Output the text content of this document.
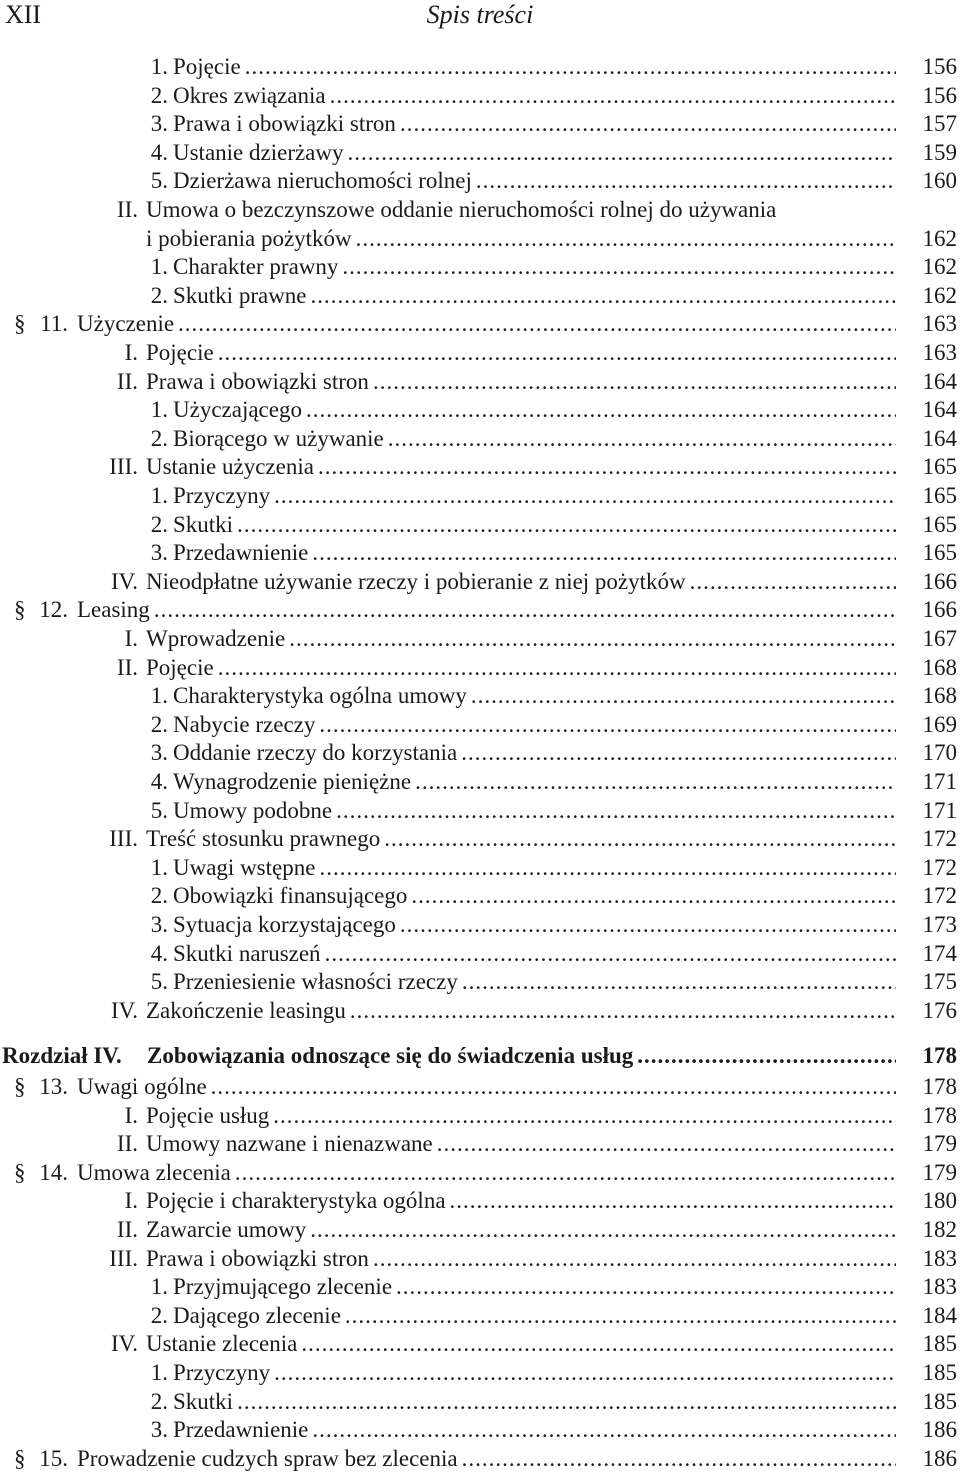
XII	Spis treści
1. Pojęcie .....	156
2. Okres związania .....	156
3. Prawa i obowiązki stron .....	157
4. Ustanie dzierżawy .....	159
5. Dzierżawa nieruchomości rolnej .....	160
II. Umowa o bezczynszowe oddanie nieruchomości rolnej do używania
i pobierania pożytków .....	162
1. Charakter prawny .....	162
2. Skutki prawne .....	162
§ 11. Użyczenie .....	163
I. Pojęcie .....	163
II. Prawa i obowiązki stron .....	164
1. Użyczającego .....	164
2. Biorącego w używanie .....	164
III. Ustanie użyczenia .....	165
1. Przyczyny .....	165
2. Skutki .....	165
3. Przedawnienie .....	165
IV. Nieodpłatne używanie rzeczy i pobieranie z niej pożytków .....	166
§ 12. Leasing .....	166
I. Wprowadzenie .....	167
II. Pojęcie .....	168
1. Charakterystyka ogólna umowy .....	168
2. Nabycie rzeczy .....	169
3. Oddanie rzeczy do korzystania .....	170
4. Wynagrodzenie pieniężne .....	171
5. Umowy podobne .....	171
III. Treść stosunku prawnego .....	172
1. Uwagi wstępne .....	172
2. Obowiązki finansującego .....	172
3. Sytuacja korzystającego .....	173
4. Skutki naruszeń .....	174
5. Przeniesienie własności rzeczy .....	175
IV. Zakończenie leasingu .....	176
Rozdział IV. Zobowiązania odnoszące się do świadczenia usług .....	178
§ 13. Uwagi ogólne .....	178
I. Pojęcie usług .....	178
II. Umowy nazwane i nienazwane .....	179
§ 14. Umowa zlecenia .....	179
I. Pojęcie i charakterystyka ogólna .....	180
II. Zawarcie umowy .....	182
III. Prawa i obowiązki stron .....	183
1. Przyjmującego zlecenie .....	183
2. Dającego zlecenie .....	184
IV. Ustanie zlecenia .....	185
1. Przyczyny .....	185
2. Skutki .....	185
3. Przedawnienie .....	186
§ 15. Prowadzenie cudzych spraw bez zlecenia .....	186
